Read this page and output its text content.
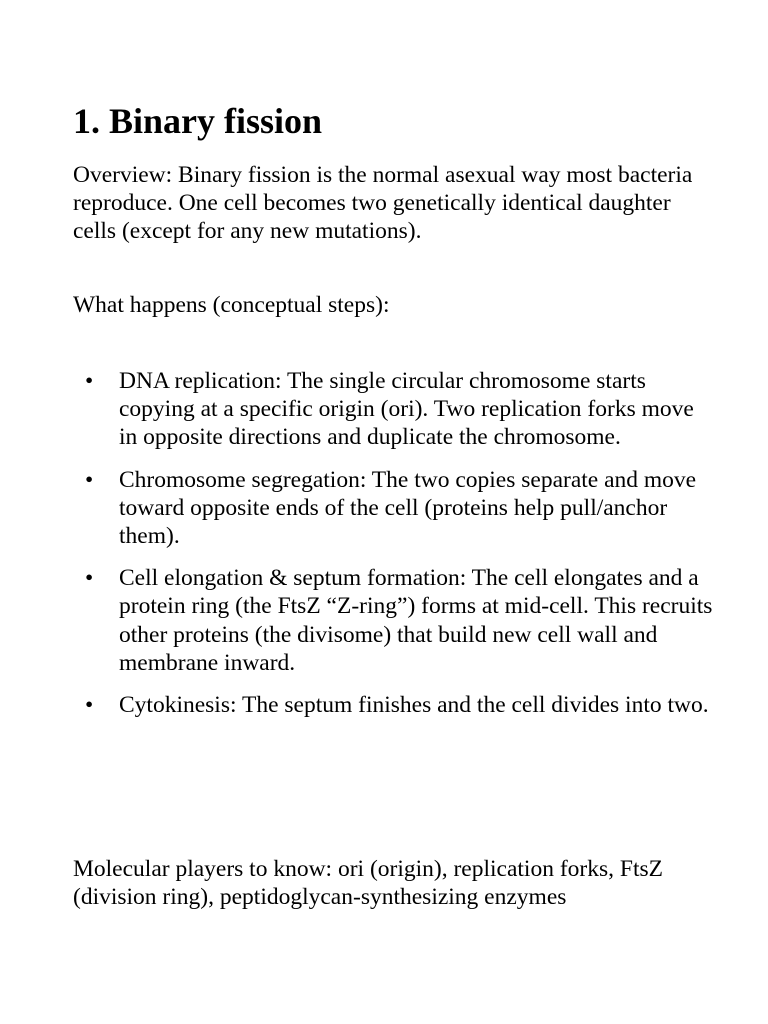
1. Binary fission

Overview: Binary fission is the normal asexual way most bacteria reproduce. One cell becomes two genetically identical daughter cells (except for any new mutations).

What happens (conceptual steps):

• DNA replication: The single circular chromosome starts copying at a specific origin (ori). Two replication forks move in opposite directions and duplicate the chromosome.
• Chromosome segregation: The two copies separate and move toward opposite ends of the cell (proteins help pull/anchor them).
• Cell elongation & septum formation: The cell elongates and a protein ring (the FtsZ “Z-ring”) forms at mid-cell. This recruits other proteins (the divisome) that build new cell wall and membrane inward.
• Cytokinesis: The septum finishes and the cell divides into two.

Molecular players to know: ori (origin), replication forks, FtsZ (division ring), peptidoglycan-synthesizing enzymes
